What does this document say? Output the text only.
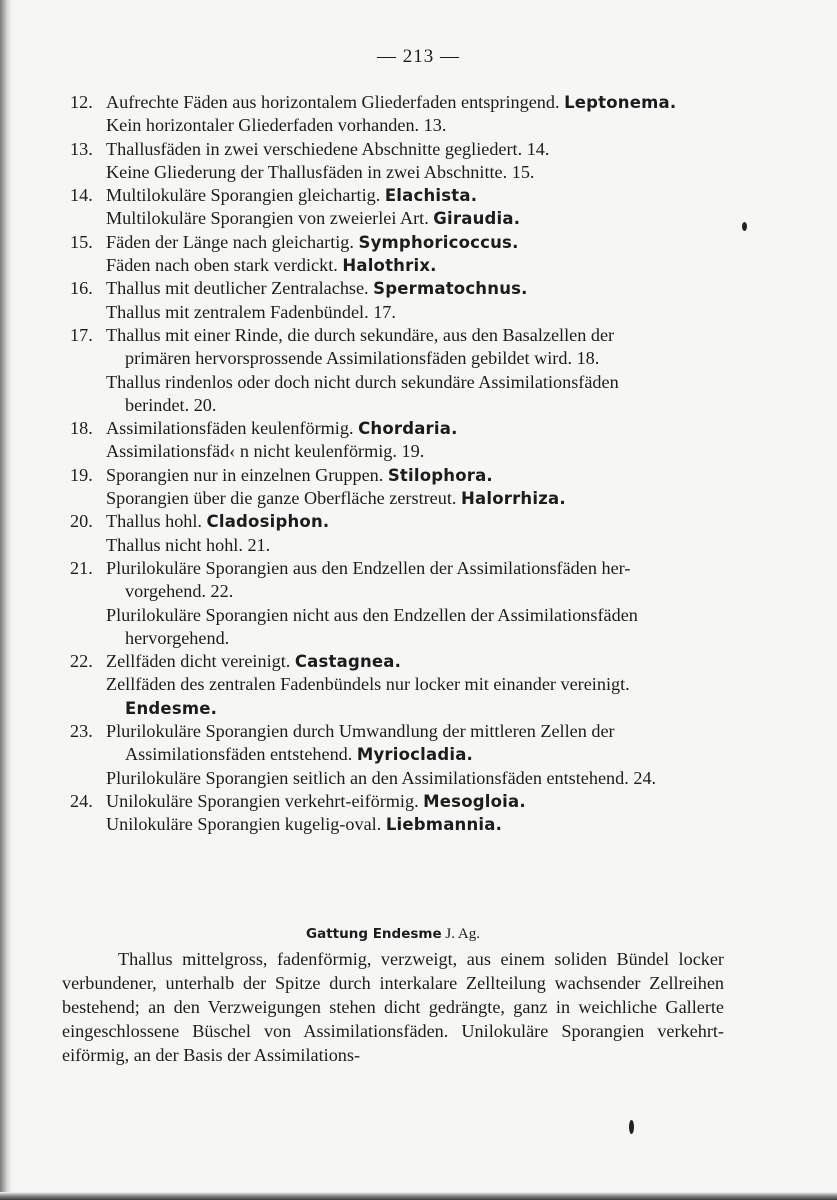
— 213 —
12. Aufrechte Fäden aus horizontalem Gliederfaden entspringend. Leptonema.
Kein horizontaler Gliederfaden vorhanden. 13.
13. Thallusfäden in zwei verschiedene Abschnitte gegliedert. 14.
Keine Gliederung der Thallusfäden in zwei Abschnitte. 15.
14. Multilokuläre Sporangien gleichartig. Elachista.
Multilokuläre Sporangien von zweierlei Art. Giraudia.
15. Fäden der Länge nach gleichartig. Symphoricoccus.
Fäden nach oben stark verdickt. Halothrix.
16. Thallus mit deutlicher Zentralachse. Spermatochnus.
Thallus mit zentralem Fadenbündel. 17.
17. Thallus mit einer Rinde, die durch sekundäre, aus den Basalzellen der
primären hervorsprossende Assimilationsfäden gebildet wird. 18.
Thallus rindenlos oder doch nicht durch sekundäre Assimilationsfäden
berindet. 20.
18. Assimilationsfäden keulenförmig. Chordaria.
Assimilationsfäd‹ n nicht keulenförmig. 19.
19. Sporangien nur in einzelnen Gruppen. Stilophora.
Sporangien über die ganze Oberfläche zerstreut. Halorrhiza.
20. Thallus hohl. Cladosiphon.
Thallus nicht hohl. 21.
21. Plurilokuläre Sporangien aus den Endzellen der Assimilationsfäden her-
vorgehend. 22.
Plurilokuläre Sporangien nicht aus den Endzellen der Assimilationsfäden
hervorgehend.
22. Zellfäden dicht vereinigt. Castagnea.
Zellfäden des zentralen Fadenbündels nur locker mit einander vereinigt.
Endesme.
23. Plurilokuläre Sporangien durch Umwandlung der mittleren Zellen der
Assimilationsfäden entstehend. Myriocladia.
Plurilokuläre Sporangien seitlich an den Assimilationsfäden entstehend. 24.
24. Unilokuläre Sporangien verkehrt-eiförmig. Mesogloia.
Unilokuläre Sporangien kugelig-oval. Liebmannia.
Gattung Endesme J. Ag.

Thallus mittelgross, fadenförmig, verzweigt, aus einem soliden Bündel locker verbundener, unterhalb der Spitze durch interkalare Zellteilung wachsender Zellreihen bestehend; an den Verzweigungen stehen dicht gedrängte, ganz in weichliche Gallerte eingeschlossene Büschel von Assimilationsfäden. Unilokuläre Sporangien verkehrt-eiförmig, an der Basis der Assimilations-
